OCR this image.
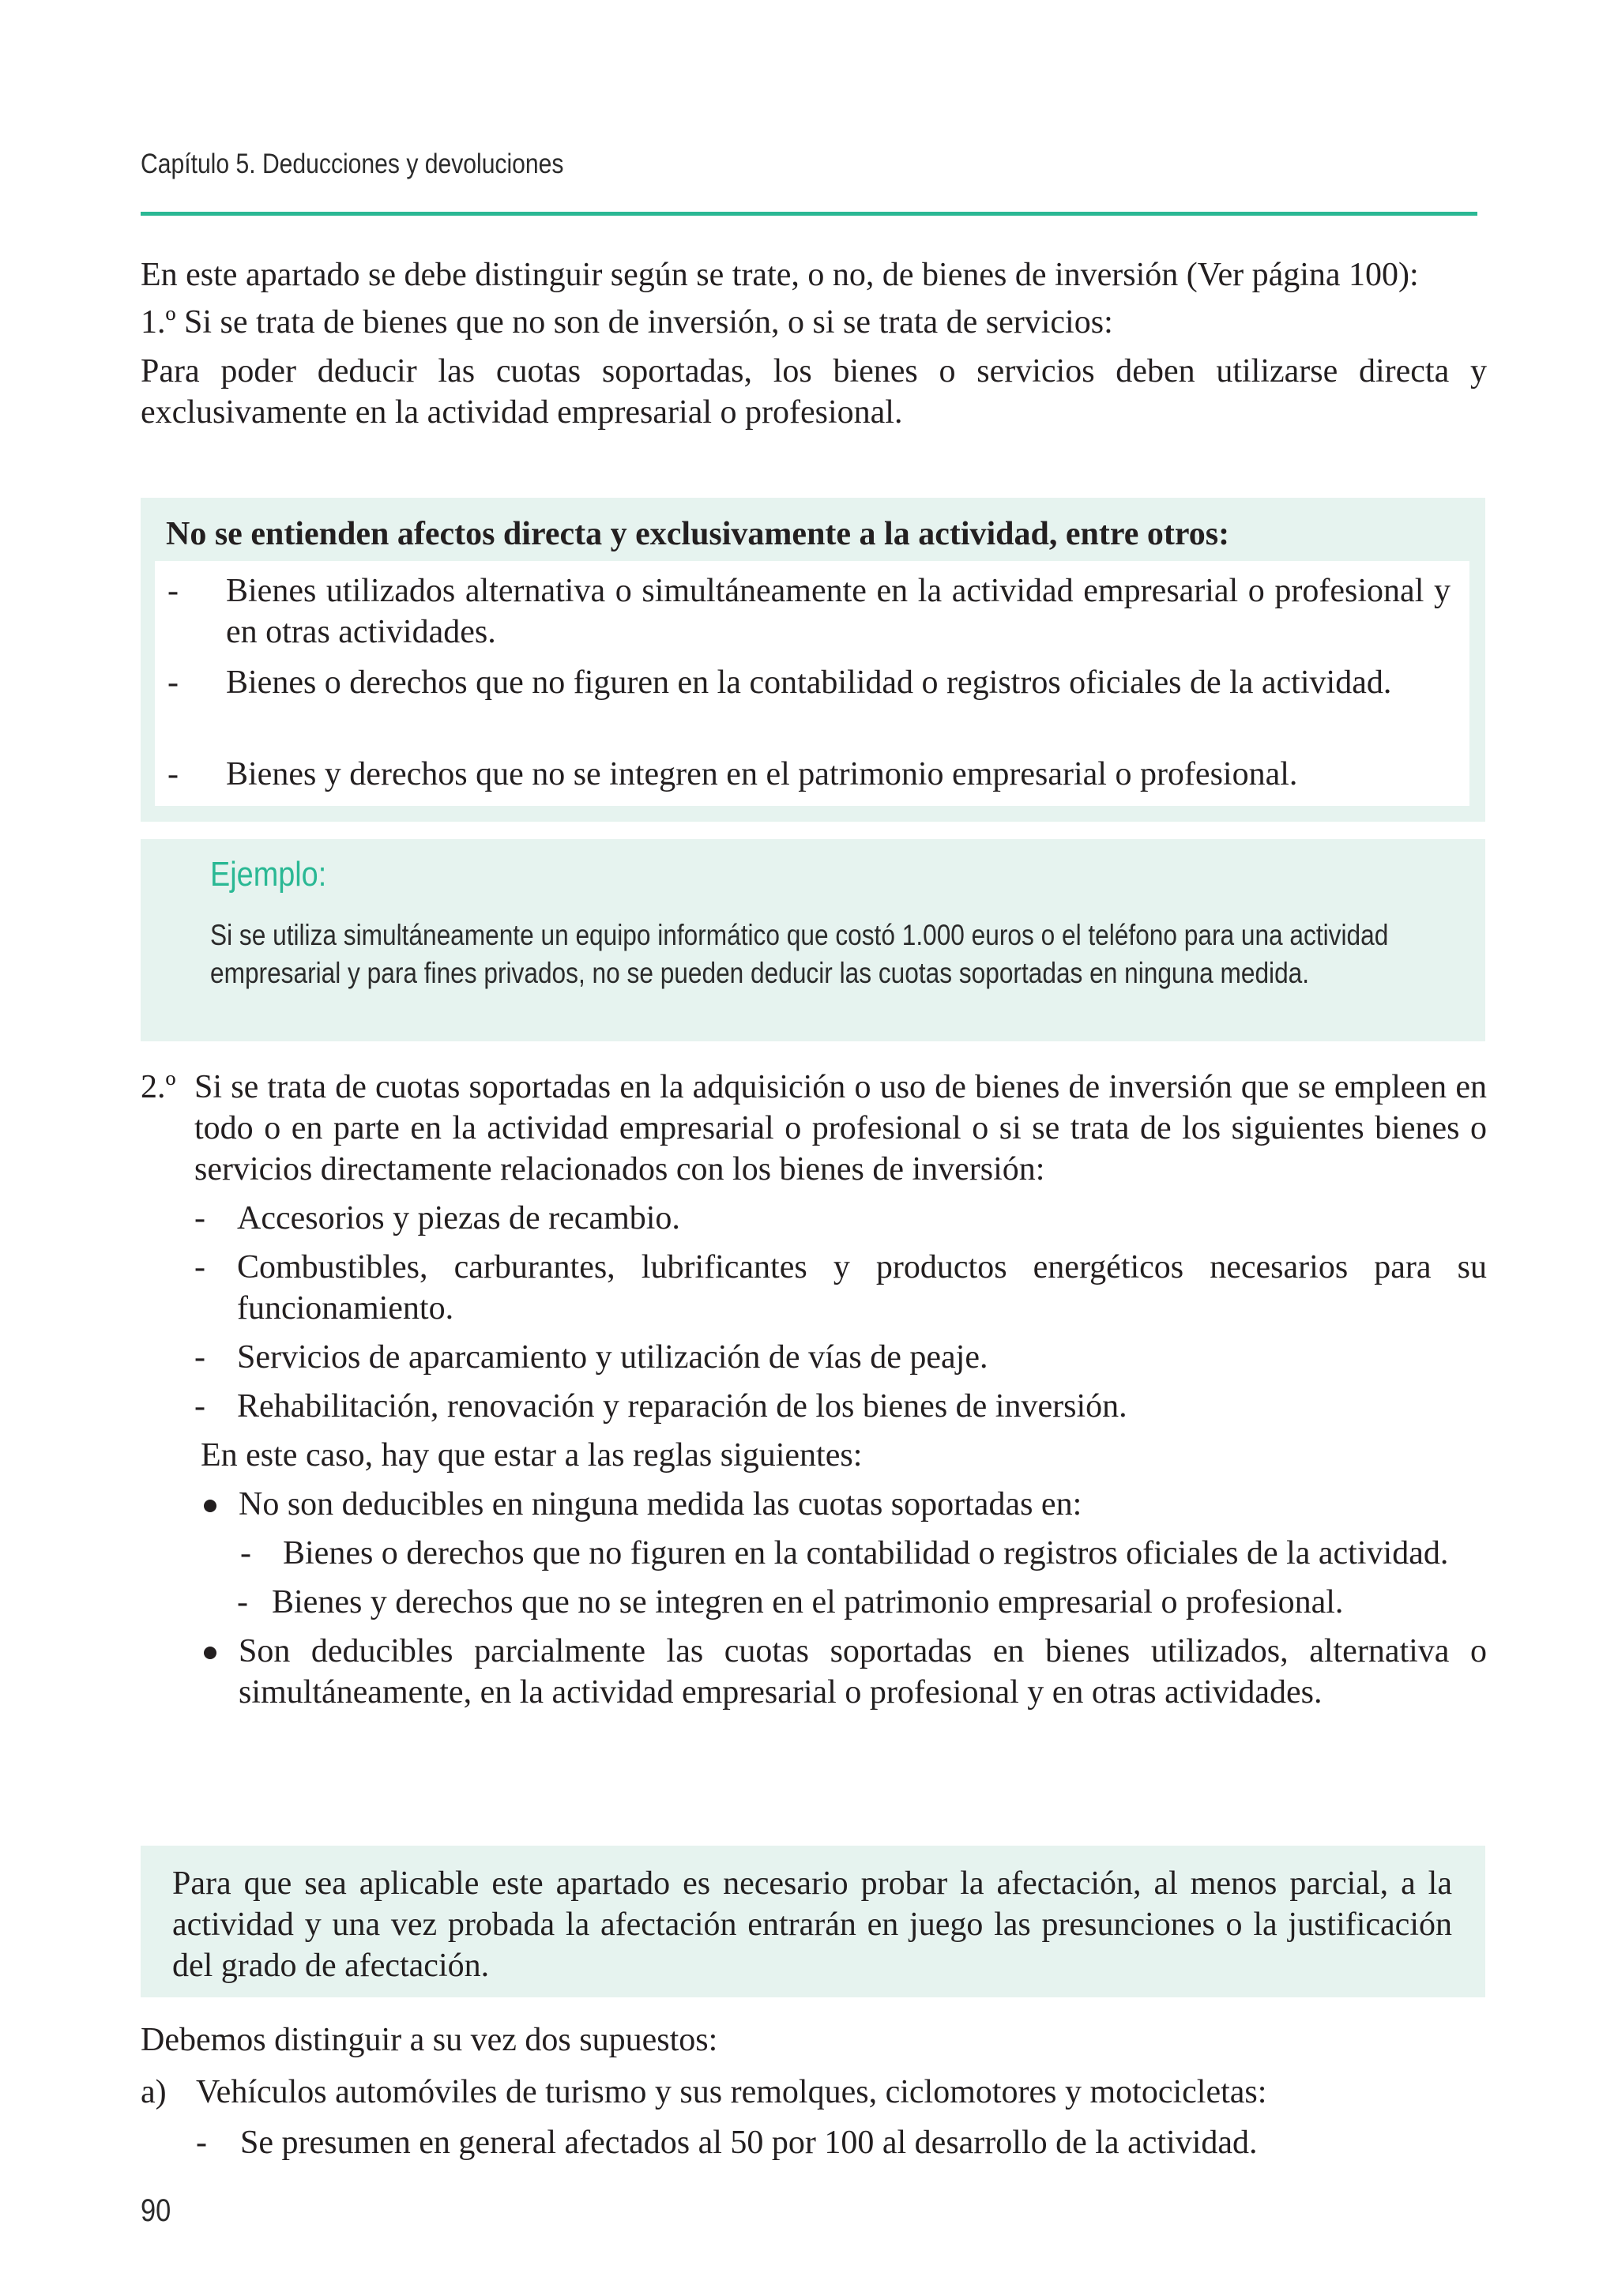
Capítulo 5. Deducciones y devoluciones

En este apartado se debe distinguir según se trate, o no, de bienes de inversión (Ver página 100):

1.º Si se trata de bienes que no son de inversión, o si se trata de servicios:

Para poder deducir las cuotas soportadas, los bienes o servicios deben utilizarse directa y exclusivamente en la actividad empresarial o profesional.

No se entienden afectos directa y exclusivamente a la actividad, entre otros:
- Bienes utilizados alternativa o simultáneamente en la actividad empresarial o profesional y en otras actividades.
- Bienes o derechos que no figuren en la contabilidad o registros oficiales de la actividad.
- Bienes y derechos que no se integren en el patrimonio empresarial o profesional.
Ejemplo:
Si se utiliza simultáneamente un equipo informático que costó 1.000 euros o el teléfono para una actividad empresarial y para fines privados, no se pueden deducir las cuotas soportadas en ninguna medida.
2.º Si se trata de cuotas soportadas en la adquisición o uso de bienes de inversión que se empleen en todo o en parte en la actividad empresarial o profesional o si se trata de los siguientes bienes o servicios directamente relacionados con los bienes de inversión:
- Accesorios y piezas de recambio.
- Combustibles, carburantes, lubrificantes y productos energéticos necesarios para su funcionamiento.
- Servicios de aparcamiento y utilización de vías de peaje.
- Rehabilitación, renovación y reparación de los bienes de inversión.

En este caso, hay que estar a las reglas siguientes:

No son deducibles en ninguna medida las cuotas soportadas en:
- Bienes o derechos que no figuren en la contabilidad o registros oficiales de la actividad.
- Bienes y derechos que no se integren en el patrimonio empresarial o profesional.
Son deducibles parcialmente las cuotas soportadas en bienes utilizados, alternativa o simultáneamente, en la actividad empresarial o profesional y en otras actividades.
Para que sea aplicable este apartado es necesario probar la afectación, al menos parcial, a la actividad y una vez probada la afectación entrarán en juego las presunciones o la justificación del grado de afectación.

Debemos distinguir a su vez dos supuestos:

a) Vehículos automóviles de turismo y sus remolques, ciclomotores y motocicletas:
- Se presumen en general afectados al 50 por 100 al desarrollo de la actividad.
90
